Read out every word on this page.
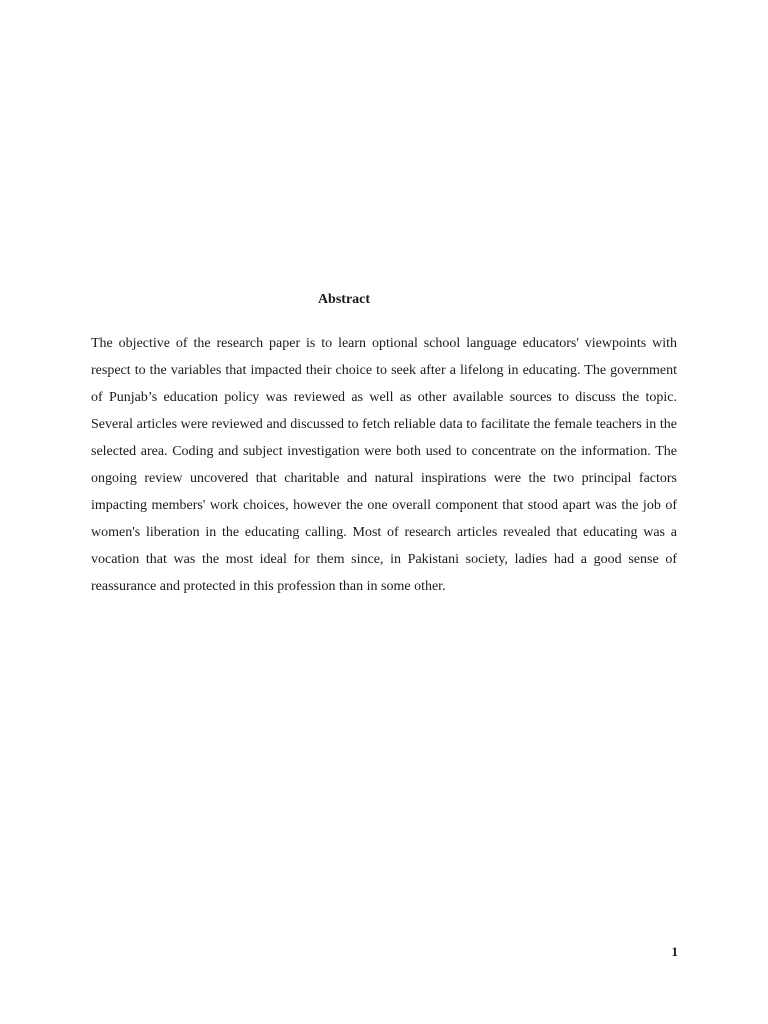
Abstract

The objective of the research paper is to learn optional school language educators' viewpoints with respect to the variables that impacted their choice to seek after a lifelong in educating. The government of Punjab’s education policy was reviewed as well as other available sources to discuss the topic. Several articles were reviewed and discussed to fetch reliable data to facilitate the female teachers in the selected area. Coding and subject investigation were both used to concentrate on the information. The ongoing review uncovered that charitable and natural inspirations were the two principal factors impacting members' work choices, however the one overall component that stood apart was the job of women's liberation in the educating calling. Most of research articles revealed that educating was a vocation that was the most ideal for them since, in Pakistani society, ladies had a good sense of reassurance and protected in this profession than in some other.

1
